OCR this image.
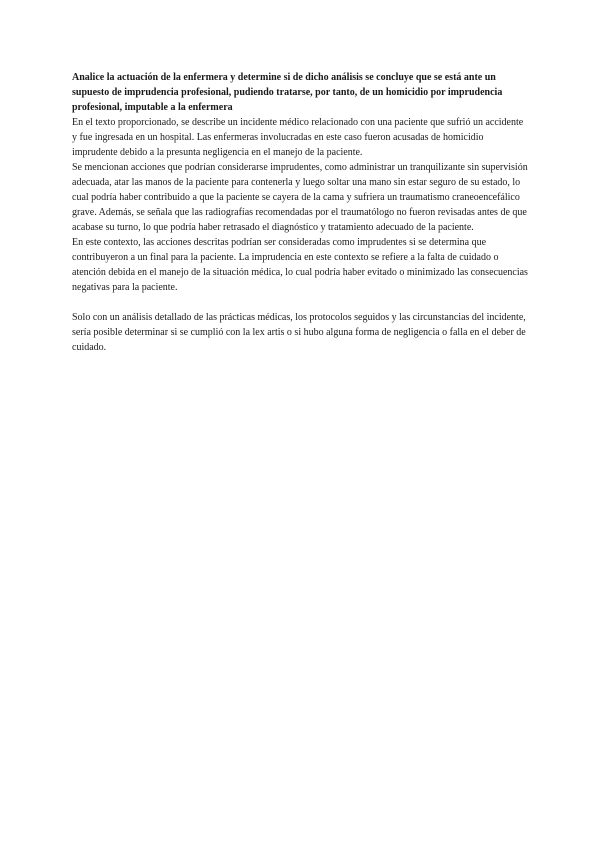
Analice la actuación de la enfermera y determine si de dicho análisis se concluye que se está ante un supuesto de imprudencia profesional, pudiendo tratarse, por tanto, de un homicidio por imprudencia profesional, imputable a la enfermera

En el texto proporcionado, se describe un incidente médico relacionado con una paciente que sufrió un accidente y fue ingresada en un hospital. Las enfermeras involucradas en este caso fueron acusadas de homicidio imprudente debido a la presunta negligencia en el manejo de la paciente.

Se mencionan acciones que podrían considerarse imprudentes, como administrar un tranquilizante sin supervisión adecuada, atar las manos de la paciente para contenerla y luego soltar una mano sin estar seguro de su estado, lo cual podría haber contribuido a que la paciente se cayera de la cama y sufriera un traumatismo craneoencefálico grave. Además, se señala que las radiografías recomendadas por el traumatólogo no fueron revisadas antes de que acabase su turno, lo que podría haber retrasado el diagnóstico y tratamiento adecuado de la paciente.

En este contexto, las acciones descritas podrían ser consideradas como imprudentes si se determina que contribuyeron a un final para la paciente. La imprudencia en este contexto se refiere a la falta de cuidado o atención debida en el manejo de la situación médica, lo cual podría haber evitado o minimizado las consecuencias negativas para la paciente.

Solo con un análisis detallado de las prácticas médicas, los protocolos seguidos y las circunstancias del incidente, sería posible determinar si se cumplió con la lex artis o si hubo alguna forma de negligencia o falla en el deber de cuidado.
